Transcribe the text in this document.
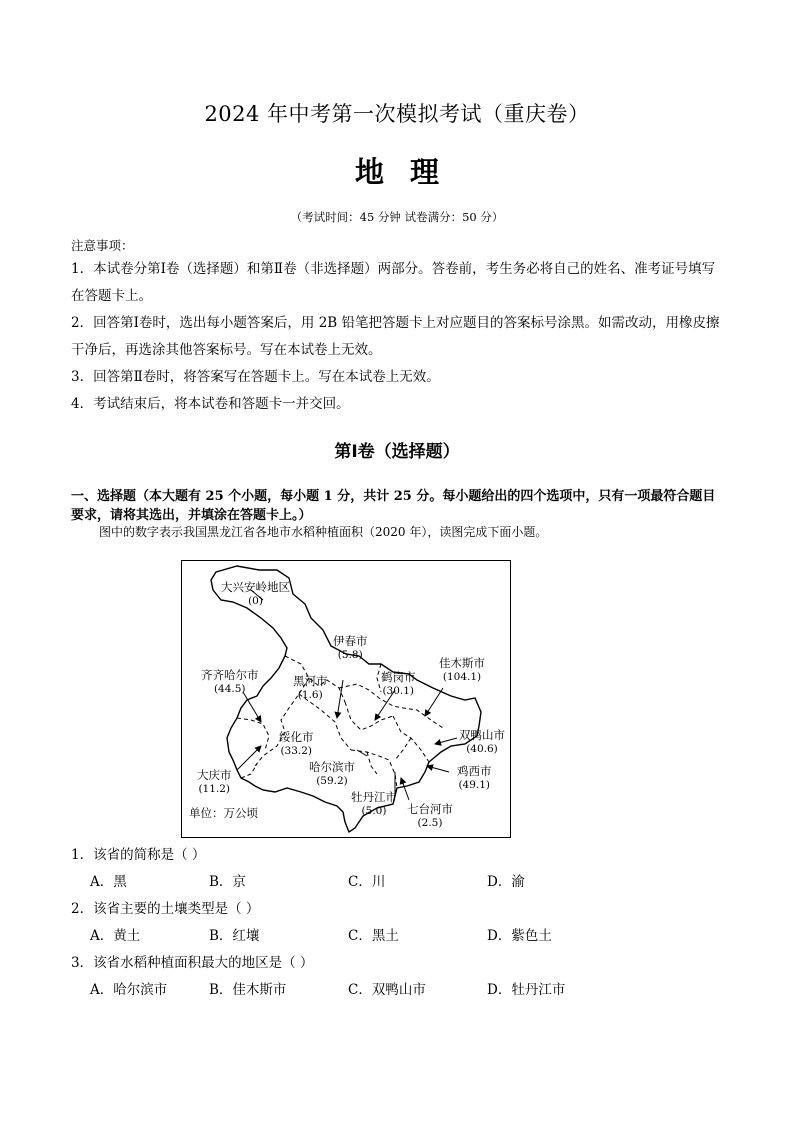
2024 年中考第一次模拟考试（重庆卷）
地理
（考试时间：45 分钟 试卷满分：50 分）
注意事项：
1．本试卷分第Ⅰ卷（选择题）和第Ⅱ卷（非选择题）两部分。答卷前，考生务必将自己的姓名、准考证号填写在答题卡上。
2．回答第Ⅰ卷时，选出每小题答案后，用 2B 铅笔把答题卡上对应题目的答案标号涂黑。如需改动，用橡皮擦干净后，再选涂其他答案标号。写在本试卷上无效。
3．回答第Ⅱ卷时，将答案写在答题卡上。写在本试卷上无效。
4．考试结束后，将本试卷和答题卡一并交回。
第Ⅰ卷（选择题）
一、选择题（本大题有 25 个小题，每小题 1 分，共计 25 分。每小题给出的四个选项中，只有一项最符合题目要求，请将其选出，并填涂在答题卡上。）
图中的数字表示我国黑龙江省各地市水稻种植面积（2020 年），读图完成下面小题。
大兴安岭地区
(0)
伊春市
(5.8)
齐齐哈尔市
(44.5)
黑河市
(1.6)
鹤岗市
(30.1)
佳木斯市
(104.1)
双鸭山市
(40.6)
绥化市
(33.2)
大庆市
(11.2)
哈尔滨市
(59.2)
鸡西市
(49.1)
牡丹江市
(5.0)	七台河市
(2.5)
单位：万公顷
1．该省的简称是（ ）
A．黑	B．京	C．川	D．渝
2．该省主要的土壤类型是（ ）
A．黄土	B．红壤	C．黑土	D．紫色土
3．该省水稻种植面积最大的地区是（ ）
A．哈尔滨市	B．佳木斯市	C．双鸭山市	D．牡丹江市
